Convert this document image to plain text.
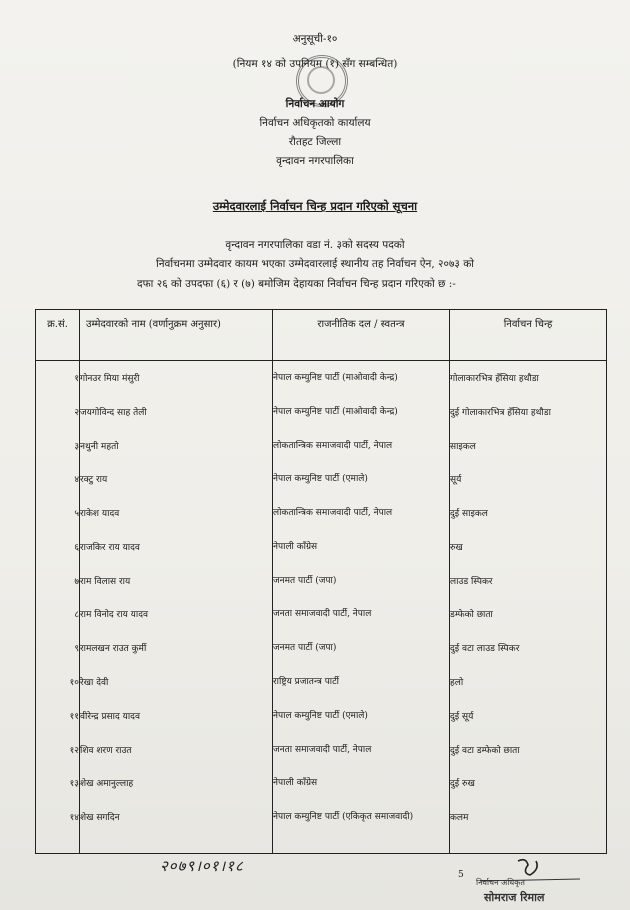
अनुसूची-१०
(नियम १४ को उपनियम (१) सँग सम्बन्धित)
निर्वाचन आयोग
निर्वाचन अधिकृतको कार्यालय
रौतहट जिल्ला
वृन्दावन नगरपालिका
उम्मेदवारलाई निर्वाचन चिन्ह प्रदान गरिएको सूचना
वृन्दावन नगरपालिका वडा नं. ३को सदस्य पदको
निर्वाचनमा उम्मेदवार कायम भएका उम्मेदवारलाई स्थानीय तह निर्वाचन ऐन, २०७३ को
दफा २६ को उपदफा (६) र (७) बमोजिम देहायका निर्वाचन चिन्ह प्रदान गरिएको छ :-
क्र.सं.	उम्मेदवारको नाम (वर्णानुक्रम अनुसार)	राजनीतिक दल / स्वतन्त्र	निर्वाचन चिन्ह
१	गोनउर मिया मंसुरी	नेपाल कम्युनिष्ट पार्टी (माओवादी केन्द्र)	गोलाकारभित्र हँसिया हथौडा
२	जयगोविन्द साह तेली	नेपाल कम्युनिष्ट पार्टी (माओवादी केन्द्र)	दुई गोलाकारभित्र हँसिया हथौडा
३	नथुनी महतो	लोकतान्त्रिक समाजवादी पार्टी, नेपाल	साइकल
४	रक्टु राय	नेपाल कम्युनिष्ट पार्टी (एमाले)	सूर्य
५	राकेश यादव	लोकतान्त्रिक समाजवादी पार्टी, नेपाल	दुई साइकल
६	राजकिर राय यादव	नेपाली काँग्रेस	रुख
७	राम विलास राय	जनमत पार्टी (जपा)	लाउड स्पिकर
८	राम विनोद राय यादव	जनता समाजवादी पार्टी, नेपाल	डम्फेको छाता
९	रामलखन राउत कुर्मी	जनमत पार्टी (जपा)	दुई वटा लाउड स्पिकर
१०	रेखा देवी	राष्ट्रिय प्रजातन्त्र पार्टी	हलो
११	वीरेन्द्र प्रसाद यादव	नेपाल कम्युनिष्ट पार्टी (एमाले)	दुई सूर्य
१२	शिव शरण राउत	जनता समाजवादी पार्टी, नेपाल	दुई वटा डम्फेको छाता
१३	शेख अमानुल्लाह	नेपाली काँग्रेस	दुई रुख
१४	शेख सगदिन	नेपाल कम्युनिष्ट पार्टी (एकिकृत समाजवादी)	कलम
२०७९।०१।१८	5
निर्वाचन अधिकृत
सोमराज रिमाल
